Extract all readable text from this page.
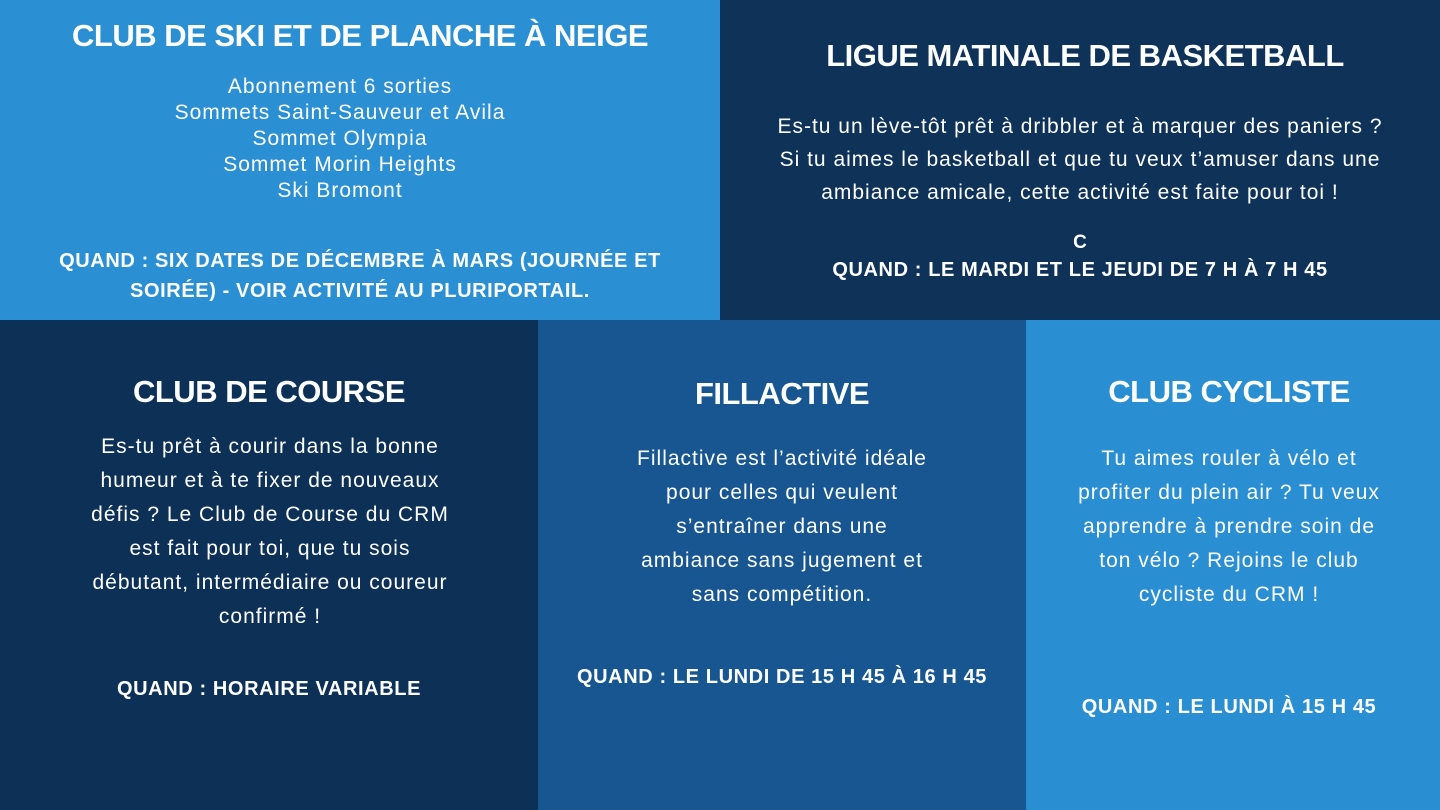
CLUB DE SKI ET DE PLANCHE À NEIGE

Abonnement 6 sorties
Sommets Saint-Sauveur et Avila
Sommet Olympia
Sommet Morin Heights
Ski Bromont

QUAND : SIX DATES DE DÉCEMBRE À MARS (JOURNÉE ET
SOIRÉE) - VOIR ACTIVITÉ AU PLURIPORTAIL.

LIGUE MATINALE DE BASKETBALL

Es-tu un lève-tôt prêt à dribbler et à marquer des paniers ?
Si tu aimes le basketball et que tu veux t’amuser dans une
ambiance amicale, cette activité est faite pour toi !

C

QUAND : LE MARDI ET LE JEUDI DE 7 H À 7 H 45

CLUB DE COURSE

Es-tu prêt à courir dans la bonne
humeur et à te fixer de nouveaux
défis ? Le Club de Course du CRM
est fait pour toi, que tu sois
débutant, intermédiaire ou coureur
confirmé !

QUAND : HORAIRE VARIABLE

FILLACTIVE

Fillactive est l’activité idéale
pour celles qui veulent
s’entraîner dans une
ambiance sans jugement et
sans compétition.

QUAND : LE LUNDI DE 15 H 45 À 16 H 45

CLUB CYCLISTE

Tu aimes rouler à vélo et
profiter du plein air ? Tu veux
apprendre à prendre soin de
ton vélo ? Rejoins le club
cycliste du CRM !

QUAND : LE LUNDI À 15 H 45
